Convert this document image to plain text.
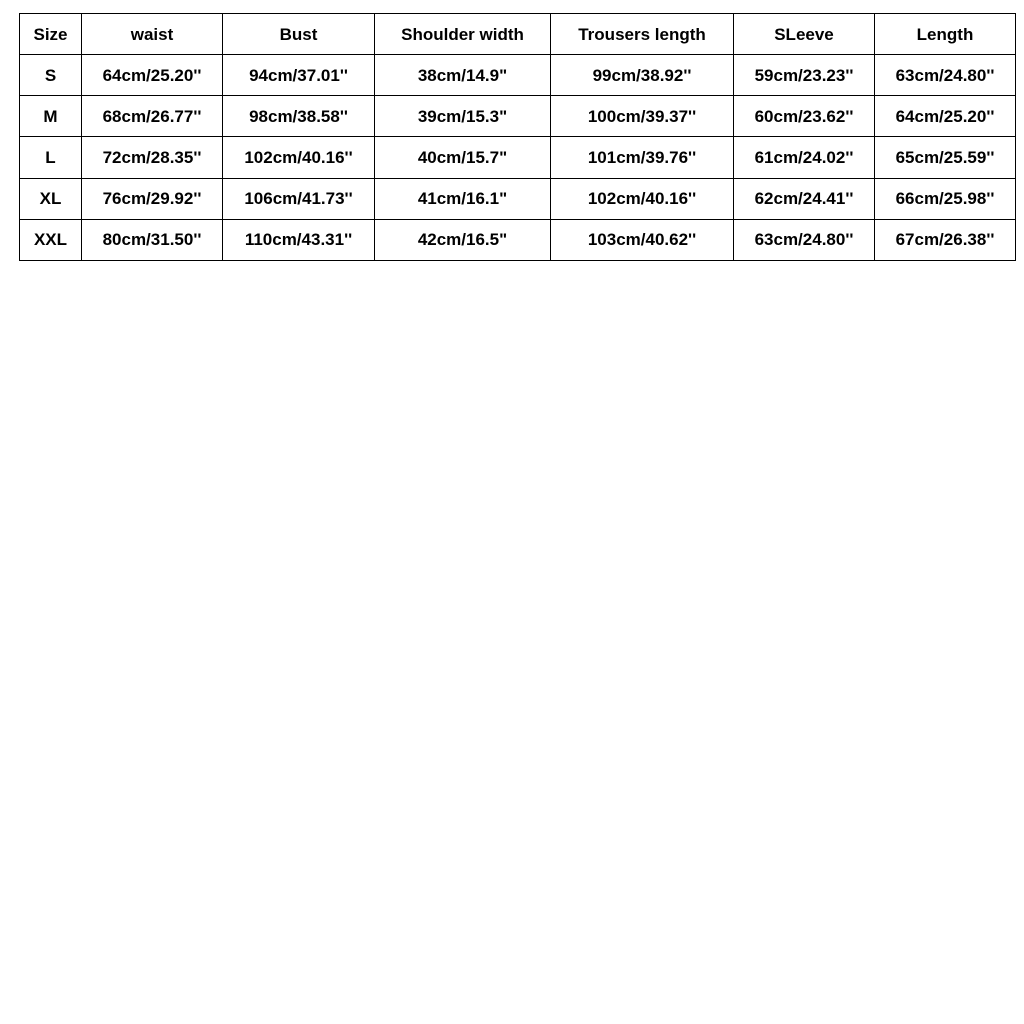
Size	waist	Bust	Shoulder width	Trousers length	SLeeve	Length
S	64cm/25.20''	94cm/37.01''	38cm/14.9"	99cm/38.92''	59cm/23.23''	63cm/24.80''
M	68cm/26.77''	98cm/38.58''	39cm/15.3"	100cm/39.37''	60cm/23.62''	64cm/25.20''
L	72cm/28.35''	102cm/40.16''	40cm/15.7"	101cm/39.76''	61cm/24.02''	65cm/25.59''
XL	76cm/29.92''	106cm/41.73''	41cm/16.1"	102cm/40.16''	62cm/24.41''	66cm/25.98''
XXL	80cm/31.50''	110cm/43.31''	42cm/16.5"	103cm/40.62''	63cm/24.80''	67cm/26.38''
